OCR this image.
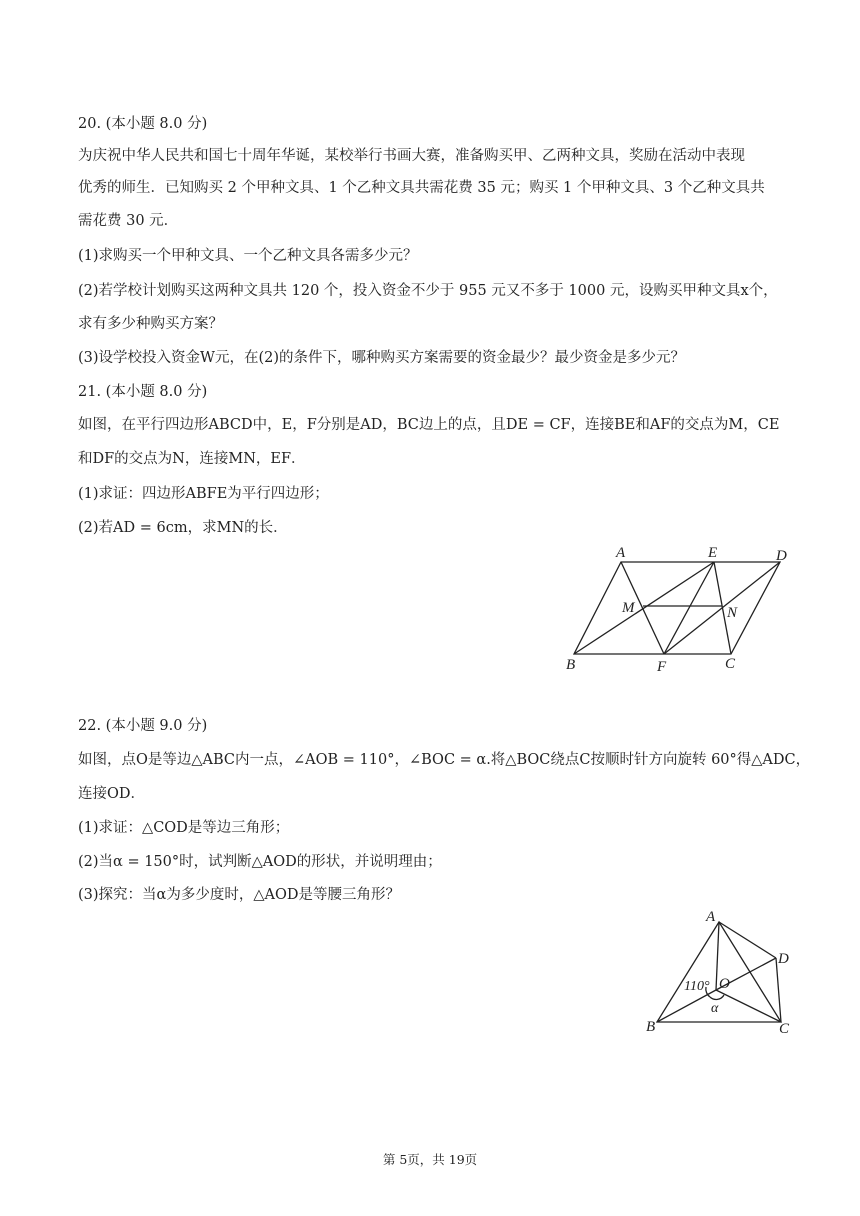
20. (本小题 8.0 分)
为庆祝中华人民共和国七十周年华诞，某校举行书画大赛，准备购买甲、乙两种文具，奖励在活动中表现
优秀的师生．已知购买 2 个甲种文具、1 个乙种文具共需花费 35 元；购买 1 个甲种文具、3 个乙种文具共
需花费 30 元．
(1)求购买一个甲种文具、一个乙种文具各需多少元？
(2)若学校计划购买这两种文具共 120 个，投入资金不少于 955 元又不多于 1000 元，设购买甲种文具x个，
求有多少种购买方案？
(3)设学校投入资金W元，在(2)的条件下，哪种购买方案需要的资金最少？最少资金是多少元？
21. (本小题 8.0 分)
如图，在平行四边形ABCD中，E，F分别是AD，BC边上的点，且DE = CF，连接BE和AF的交点为M，CE
和DF的交点为N，连接MN，EF．
(1)求证：四边形ABFE为平行四边形；
(2)若AD = 6cm，求MN的长．
A	E	D
M	N
B	F	C
22. (本小题 9.0 分)
如图，点O是等边△ABC内一点，∠AOB = 110°，∠BOC = α.将△BOC绕点C按顺时针方向旋转 60°得△ADC，
连接OD．
(1)求证：△COD是等边三角形；
(2)当α = 150°时，试判断△AOD的形状，并说明理由；
(3)探究：当α为多少度时，△AOD是等腰三角形？
A
D
O
110°
α
B	C
第 5页，共 19页
